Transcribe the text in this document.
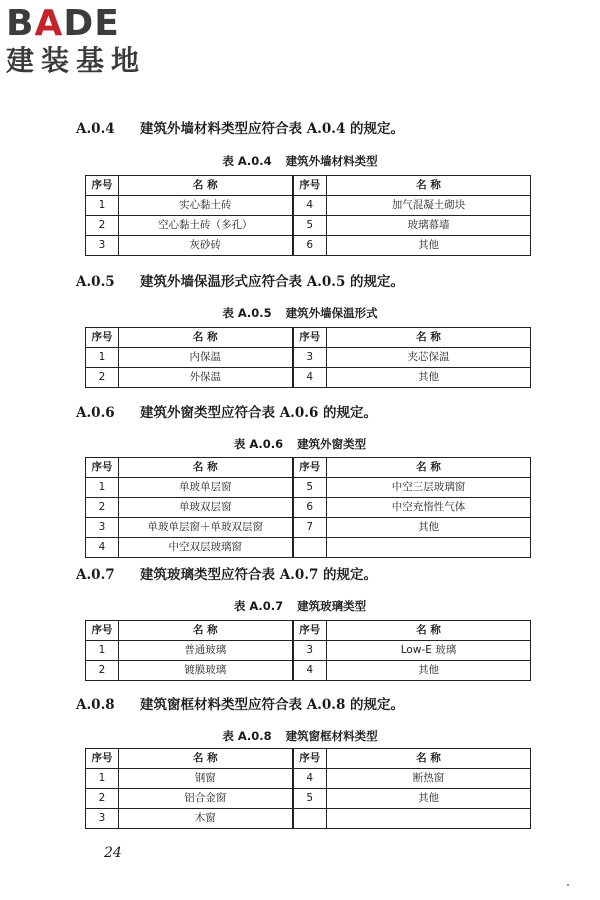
BADE
建装基地
A.0.4 建筑外墙材料类型应符合表 A.0.4 的规定。
表 A.0.4 建筑外墙材料类型
序号	名 称	序号	名 称
1	实心黏土砖	4	加气混凝土砌块
2	空心黏土砖（多孔）	5	玻璃幕墙
3	灰砂砖	6	其他
A.0.5 建筑外墙保温形式应符合表 A.0.5 的规定。
表 A.0.5 建筑外墙保温形式
序号	名 称	序号	名 称
1	内保温	3	夹芯保温
2	外保温	4	其他
A.0.6 建筑外窗类型应符合表 A.0.6 的规定。
表 A.0.6 建筑外窗类型
序号	名 称	序号	名 称
1	单玻单层窗	5	中空三层玻璃窗
2	单玻双层窗	6	中空充惰性气体
3	单玻单层窗＋单玻双层窗	7	其他
4	中空双层玻璃窗		
A.0.7 建筑玻璃类型应符合表 A.0.7 的规定。
表 A.0.7 建筑玻璃类型
序号	名 称	序号	名 称
1	普通玻璃	3	Low-E 玻璃
2	镀膜玻璃	4	其他
A.0.8 建筑窗框材料类型应符合表 A.0.8 的规定。
表 A.0.8 建筑窗框材料类型
序号	名 称	序号	名 称
1	钢窗	4	断热窗
2	铝合金窗	5	其他
3	木窗		
24
